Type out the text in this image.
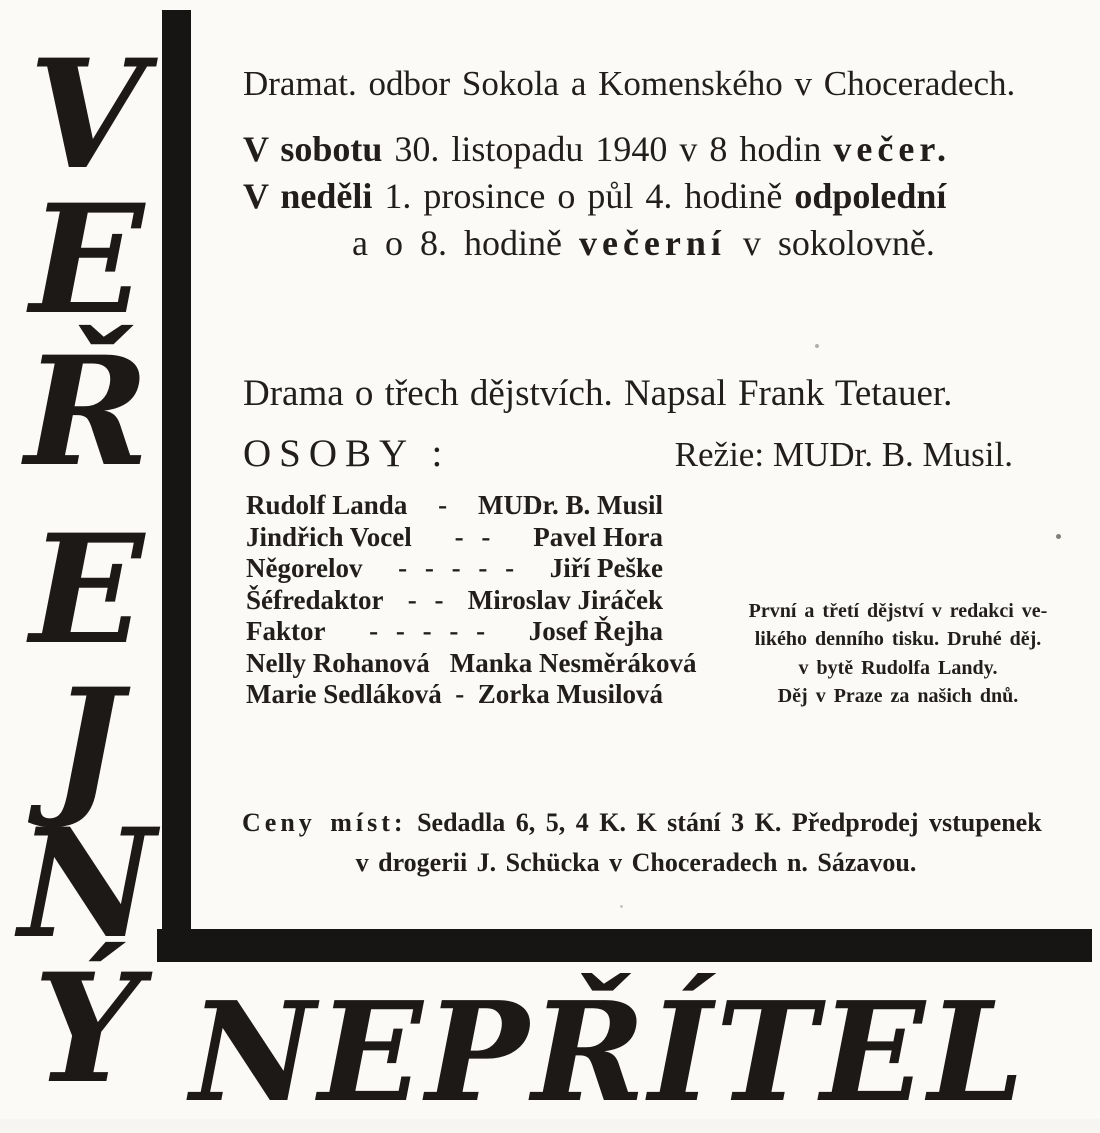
V
E
Ř
E
J
N
Ý
Dramat. odbor Sokola a Komenského v Choceradech.
V sobotu 30. listopadu 1940 v 8 hodin večer.
V neděli 1. prosince o půl 4. hodině odpolední
a o 8. hodině večerní v sokolovně.
Drama o třech dějstvích. Napsal Frank Tetauer.
OSOBY :	Režie: MUDr. B. Musil.
Rudolf Landa	-	MUDr. B. Musil
Jindřich Vocel	- -	Pavel Hora
Něgorelov	- - - - -	Jiří Peške
Šéfredaktor - - Miroslav Jiráček
Faktor	- - - - -	Josef Řejha
Nelly Rohanová Manka Nesměráková
Marie Sedláková - Zorka Musilová
První a třetí dějství v redakci ve-
likého denního tisku. Druhé děj.
v bytě Rudolfa Landy.
Děj v Praze za našich dnů.
Ceny míst: Sedadla 6, 5, 4 K. K stání 3 K. Předprodej vstupenek
v drogerii J. Schücka v Choceradech n. Sázavou.
NEPŘÍTEL
